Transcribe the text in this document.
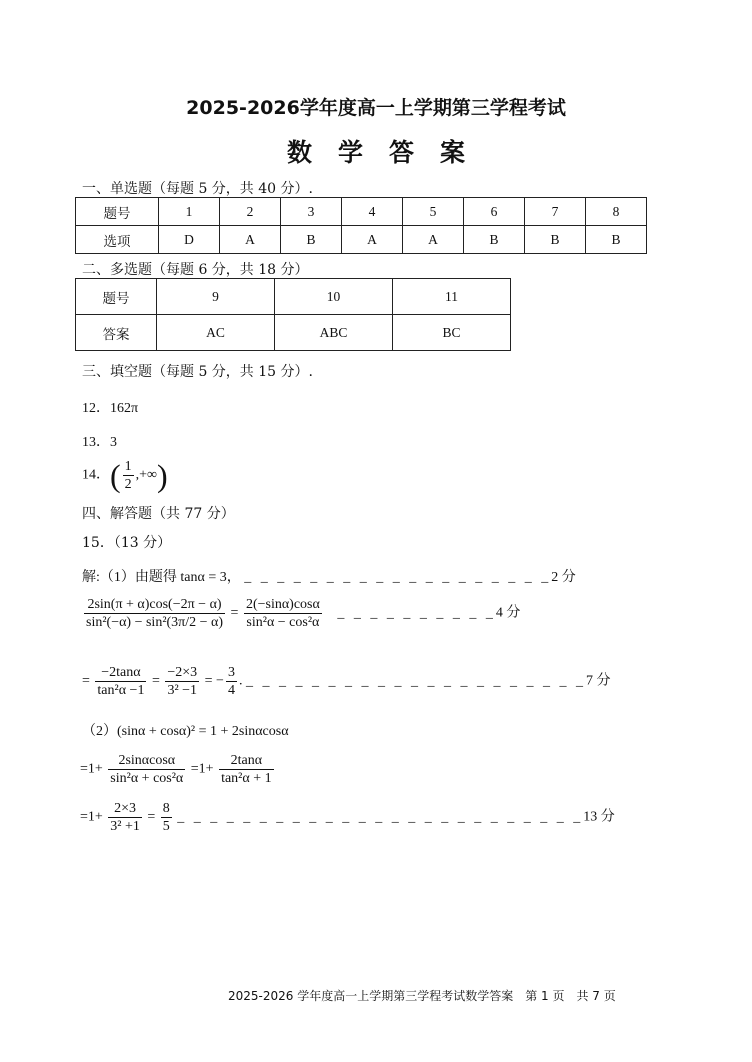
2025-2026学年度高一上学期第三学程考试
数学答案
一、单选题（每题 5 分，共 40 分）.
题号	1	2	3	4	5	6	7	8
选项	D	A	B	A	A	B	B	B
二、多选题（每题 6 分，共 18 分）
题号	9	10	11
答案	AC	ABC	BC
三、填空题（每题 5 分，共 15 分）.
12．162π
13．3
14．( $\frac{1}{2}$ ,+∞)
四、解答题（共 77 分）
15．（13 分）
解:（1）由题得 tanα = 3， _ _ _ _ _ _ _ _ _ _ _ _ _ _ _ _ _ _ _2 分
$\frac{2\sin(\pi + \alpha)\cos(-2\pi - \alpha)}{\text{sin²(−α) − sin²(3π/2 − α)}} = \frac{2(-\sin\alpha)\cos\alpha}{\text{sin²α − cos²α}}$ _ _ _ _ _ _ _ _ _ _4 分
= $\frac{-2\tan\alpha}{\text{tan²α −1}} = \frac{-2\times 3}{\text{3² −1}}$ = − $\frac{3}{4}$ . _ _ _ _ _ _ _ _ _ _ _ _ _ _ _ _ _ _ _ _ _7 分
（2）(sinα + cosα)² = 1 + 2sinαcosα
$=1+ \frac{2\sin\alpha\cos\alpha}{\text{sin²α + cos²α}} =1+ \frac{2\tan\alpha}{\text{tan²α + 1}}$
$=1+ \frac{2\times 3}{\text{3² +1}} = \frac{8}{5}$ _ _ _ _ _ _ _ _ _ _ _ _ _ _ _ _ _ _ _ _ _ _ _ _ _13 分
2025-2026 学年度高一上学期第三学程考试数学答案　第 1 页　共 7 页
